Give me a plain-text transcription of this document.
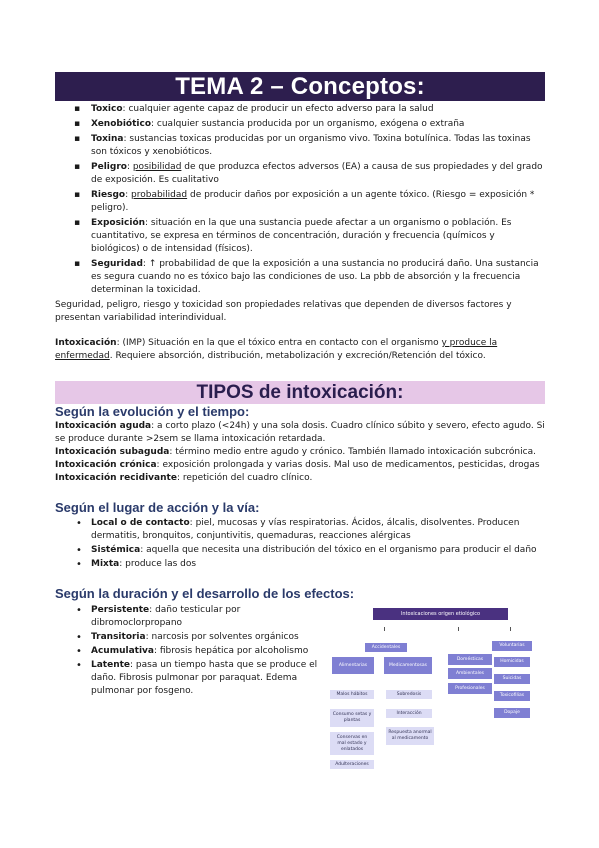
TEMA 2 – Conceptos:
▪ Toxico: cualquier agente capaz de producir un efecto adverso para la salud
▪ Xenobiótico: cualquier sustancia producida por un organismo, exógena o extraña
▪ Toxina: sustancias toxicas producidas por un organismo vivo. Toxina botulínica. Todas las toxinas son tóxicos y xenobióticos.
▪ Peligro: posibilidad de que produzca efectos adversos (EA) a causa de sus propiedades y del grado de exposición. Es cualitativo
▪ Riesgo: probabilidad de producir daños por exposición a un agente tóxico. (Riesgo = exposición * peligro).
▪ Exposición: situación en la que una sustancia puede afectar a un organismo o población. Es cuantitativo, se expresa en términos de concentración, duración y frecuencia (químicos y biológicos) o de intensidad (físicos).
▪ Seguridad: ↑ probabilidad de que la exposición a una sustancia no producirá daño. Una sustancia es segura cuando no es tóxico bajo las condiciones de uso. La pbb de absorción y la frecuencia determinan la toxicidad.

Seguridad, peligro, riesgo y toxicidad son propiedades relativas que dependen de diversos factores y presentan variabilidad interindividual.

Intoxicación: (IMP) Situación en la que el tóxico entra en contacto con el organismo y produce la enfermedad. Requiere absorción, distribución, metabolización y excreción/Retención del tóxico.

TIPOS de intoxicación:
Según la evolución y el tiempo:

Intoxicación aguda: a corto plazo (<24h) y una sola dosis. Cuadro clínico súbito y severo, efecto agudo. Si se produce durante >2sem se llama intoxicación retardada.

Intoxicación subaguda: término medio entre agudo y crónico. También llamado intoxicación subcrónica.

Intoxicación crónica: exposición prolongada y varias dosis. Mal uso de medicamentos, pesticidas, drogas

Intoxicación recidivante: repetición del cuadro clínico.

Según el lugar de acción y la vía:
• Local o de contacto: piel, mucosas y vías respiratorias. Ácidos, álcalis, disolventes. Producen dermatitis, bronquitos, conjuntivitis, quemaduras, reacciones alérgicas
• Sistémica: aquella que necesita una distribución del tóxico en el organismo para producir el daño
• Mixta: produce las dos
Según la duración y el desarrollo de los efectos:
• Persistente: daño testicular por dibromoclorpropano
• Transitoria: narcosis por solventes orgánicos
• Acumulativa: fibrosis hepática por alcoholismo
• Latente: pasa un tiempo hasta que se produce el daño. Fibrosis pulmonar por paraquat. Edema pulmonar por fosgeno.
Intoxicaciones origen etiológico
Accidentales
Alimentarias	Medicamentosas
Domésticas
Ambientales
Profesionales
Voluntarias
Homicidas
Suicidas
Toxicofilias
Dopaje
Malos hábitos
Consumo setas y plantas
Conservas en mal estado y enlatados
Adulteraciones
Sobredosis
Interacción
Respuesta anormal al medicamento
